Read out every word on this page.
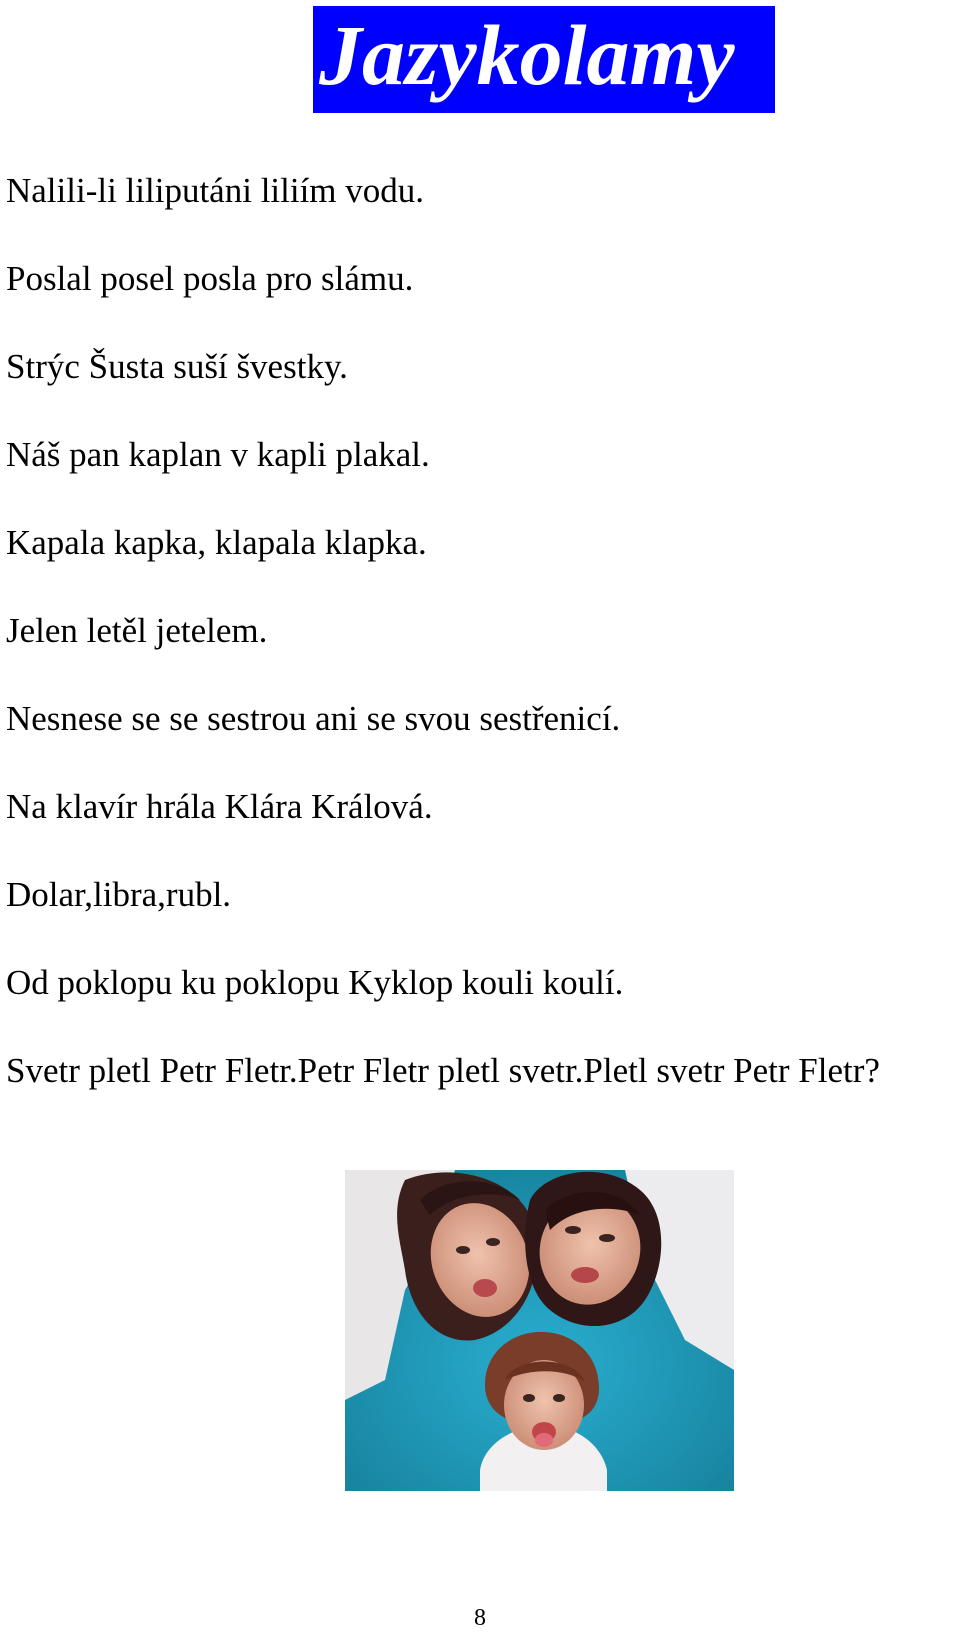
Jazykolamy
Nalili-li liliputáni liliím vodu.
Poslal posel posla pro slámu.
Strýc Šusta suší švestky.
Náš pan kaplan v kapli plakal.
Kapala kapka, klapala klapka.
Jelen letěl jetelem.
Nesnese se se sestrou ani se svou sestřenicí.
Na klavír hrála Klára Králová.
Dolar,libra,rubl.
Od poklopu ku poklopu Kyklop kouli koulí.
Svetr pletl Petr Fletr.Petr Fletr pletl svetr.Pletl svetr Petr Fletr?
8
